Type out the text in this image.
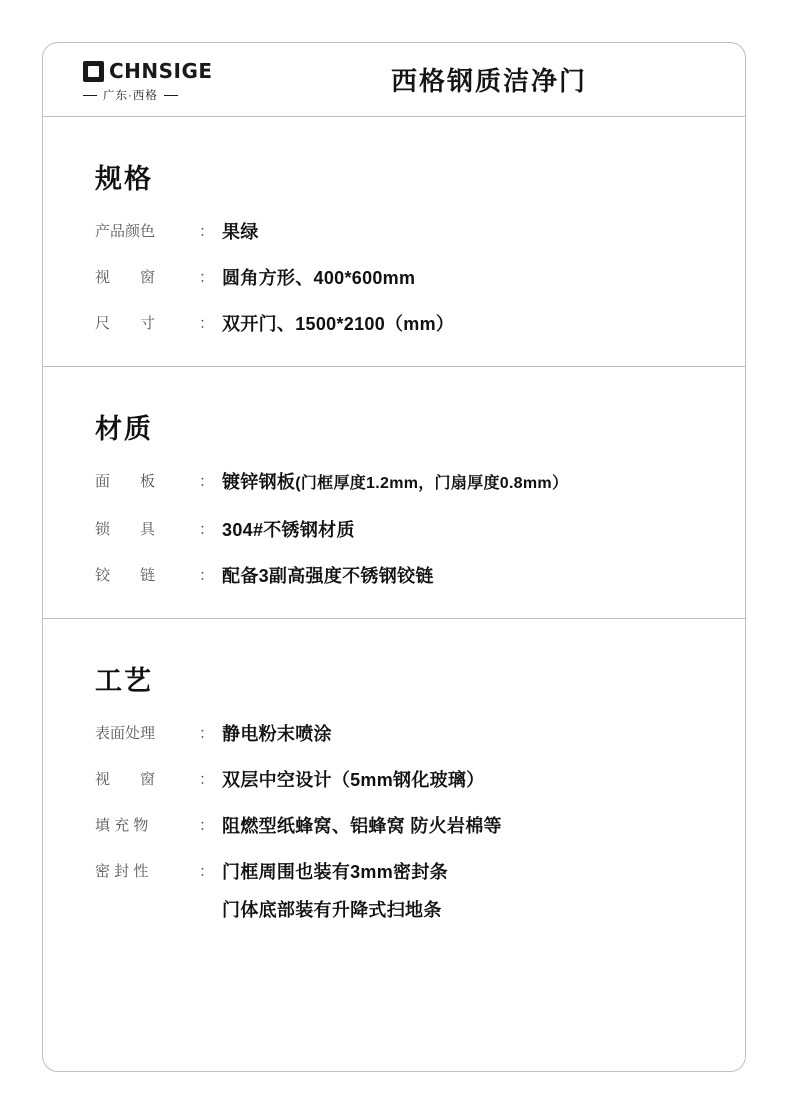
CHNSIGE
广东·西格	西格钢质洁净门
规格
产品颜色	： 果绿
视　　窗	： 圆角方形、400*600mm
尺　　寸	： 双开门、1500*2100（mm）
材质
面　　板	： 镀锌钢板(门框厚度1.2mm，门扇厚度0.8mm）
锁　　具	： 304#不锈钢材质
铰　　链	： 配备3副高强度不锈钢铰链
工艺
表面处理	： 静电粉末喷涂
视　　窗	： 双层中空设计（5mm钢化玻璃）
填 充 物	： 阻燃型纸蜂窝、铝蜂窝 防火岩棉等
密 封 性	： 门框周围也装有3mm密封条
门体底部装有升降式扫地条
